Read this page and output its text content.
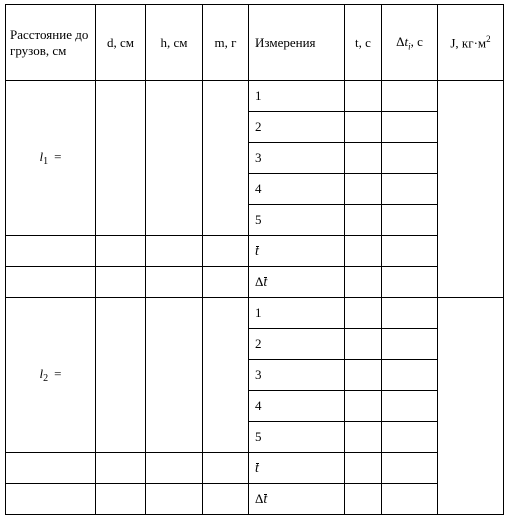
Расстояние до грузов, см	d, см	h, см	m, г	Измерения	t, с	$\Delta t_i$, с	J, $кг\cdot м^2$
$l_1$ =				1			
				2			
				3			
				4			
				5			
				t			
				Δt			
$l_2$ =				1			
				2			
				3			
				4			
				5			
				t			
				Δt			
